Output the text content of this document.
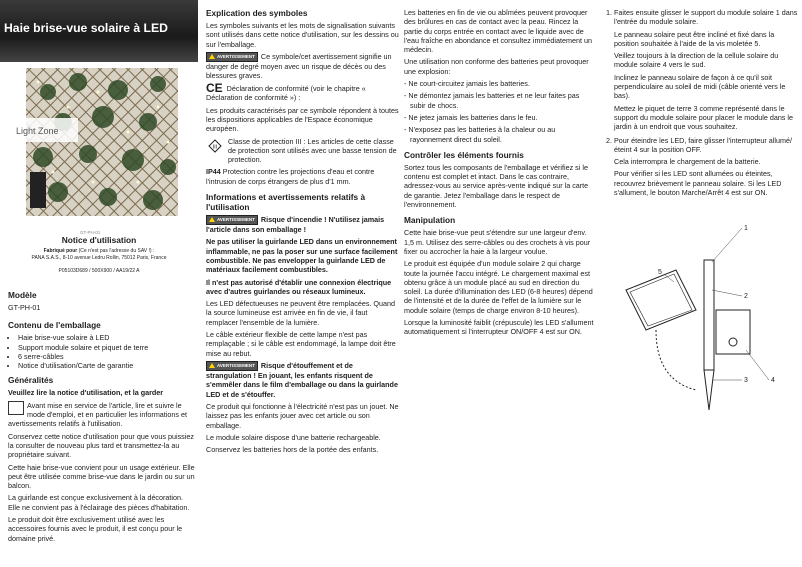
Haie brise-vue solaire à LED
Light Zone
GT-PH-01
Notice d'utilisation
Fabriqué pour (Ce n'est pas l'adresse du SAV !) :
PANA S.A.S., 8-10 avenue Ledru Rollin, 75012 Paris, France
P05103D689 / 500X900 / AA19/22 A
Modèle

GT-PH-01

Contenu de l'emballage
• Haie brise-vue solaire à LED
• Support module solaire et piquet de terre
• 6 serre-câbles
• Notice d'utilisation/Carte de garantie
Généralités

Veuillez lire la notice d'utilisation, et la garder

Avant mise en service de l'article, lire et suivre le mode d'emploi, et en particulier les informations et avertissements relatifs à l'utilisation.

Conservez cette notice d'utilisation pour que vous puissiez la consulter de nouveau plus tard et transmettez-la au propriétaire suivant.

Cette haie brise-vue convient pour un usage extérieur. Elle peut être utilisée comme brise-vue dans le jardin ou sur un balcon.

La guirlande est conçue exclusivement à la décoration. Elle ne convient pas à l'éclairage des pièces d'habitation.

Le produit doit être exclusivement utilisé avec les accessoires fournis avec le produit, il est conçu pour le domaine privé.

Explication des symboles

Les symboles suivants et les mots de signalisation suivants sont utilisés dans cette notice d'utilisation, sur les dessins ou sur l'emballage.

AVERTISSEMENT Ce symbole/cet avertissement signifie un danger de degré moyen avec un risque de décès ou des blessures graves.

CE Déclaration de conformité (voir le chapitre « Déclaration de conformité ») :

Les produits caractérisés par ce symbole répondent à toutes les dispositions applicables de l'Espace économique européen.

III
Classe de protection III : Les articles de cette classe de protection sont utilisés avec une basse tension de protection.

IP44 Protection contre les projections d'eau et contre l'intrusion de corps étrangers de plus d'1 mm.

Informations et avertissements relatifs à l'utilisation

AVERTISSEMENT Risque d'incendie ! N'utilisez jamais l'article dans son emballage !

Ne pas utiliser la guirlande LED dans un environnement inflammable, ne pas la poser sur une surface facilement combustible. Ne pas envelopper la guirlande LED de matériaux facilement combustibles.

Il n'est pas autorisé d'établir une connexion électrique avec d'autres guirlandes ou réseaux lumineux.

Les LED défectueuses ne peuvent être remplacées. Quand la source lumineuse est arrivée en fin de vie, il faut remplacer l'ensemble de la lumière.

Le câble extérieur flexible de cette lampe n'est pas remplaçable ; si le câble est endommagé, la lampe doit être mise au rebut.

AVERTISSEMENT Risque d'étouffement et de strangulation ! En jouant, les enfants risquent de s'emmêler dans le film d'emballage ou dans la guirlande LED et de s'étouffer.

Ce produit qui fonctionne à l'électricité n'est pas un jouet. Ne laissez pas les enfants jouer avec cet article ou son emballage.

Le module solaire dispose d'une batterie rechargeable.

Conservez les batteries hors de la portée des enfants.

Les batteries en fin de vie ou abîmées peuvent provoquer des brûlures en cas de contact avec la peau. Rincez la partie du corps entrée en contact avec le liquide avec de l'eau fraîche en abondance et consultez immédiatement un médecin.

Une utilisation non conforme des batteries peut provoquer une explosion:

- Ne court-circuitez jamais les batteries.

- Ne démontez jamais les batteries et ne leur faites pas subir de chocs.

- Ne jetez jamais les batteries dans le feu.

- N'exposez pas les batteries à la chaleur ou au rayonnement direct du soleil.

Contrôler les éléments fournis

Sortez tous les composants de l'emballage et vérifiez si le contenu est complet et intact. Dans le cas contraire, adressez-vous au service après-vente indiqué sur la carte de garantie. Jetez l'emballage dans le respect de l'environnement.

Manipulation

Cette haie brise-vue peut s'étendre sur une largeur d'env. 1,5 m. Utilisez des serre-câbles ou des crochets à vis pour fixer ou accrocher la haie à la largeur voulue.

Le produit est équipée d'un module solaire 2 qui charge toute la journée l'accu intégré. Le chargement maximal est obtenu grâce à un module placé au sud en direction du soleil. La durée d'illumination des LED (6-8 heures) dépend de l'intensité et de la durée de l'effet de la lumière sur le module solaire (temps de charge environ 8-10 heures).

Lorsque la luminosité faiblit (crépuscule) les LED s'allument automatiquement si l'interrupteur ON/OFF 4 est sur ON.

1. Faites ensuite glisser le support du module solaire 1 dans l'entrée du module solaire.

Le panneau solaire peut être incliné et fixé dans la position souhaitée à l'aide de la vis moletée 5.

Veillez toujours à la direction de la cellule solaire du module solaire 4 vers le sud.

Inclinez le panneau solaire de façon à ce qu'il soit perpendiculaire au soleil de midi (câble orienté vers le bas).

Mettez le piquet de terre 3 comme représenté dans le support du module solaire pour placer le module dans le jardin à un endroit que vous souhaitez.

2. Pour éteindre les LED, faire glisser l'interrupteur allumé/éteint 4 sur la position OFF.

Cela interrompra le chargement de la batterie.

Pour vérifier si les LED sont allumées ou éteintes, recouvrez brièvement le panneau solaire. Si les LED s'allument, le bouton Marche/Arrêt 4 est sur ON.

1
2
3	4
5
